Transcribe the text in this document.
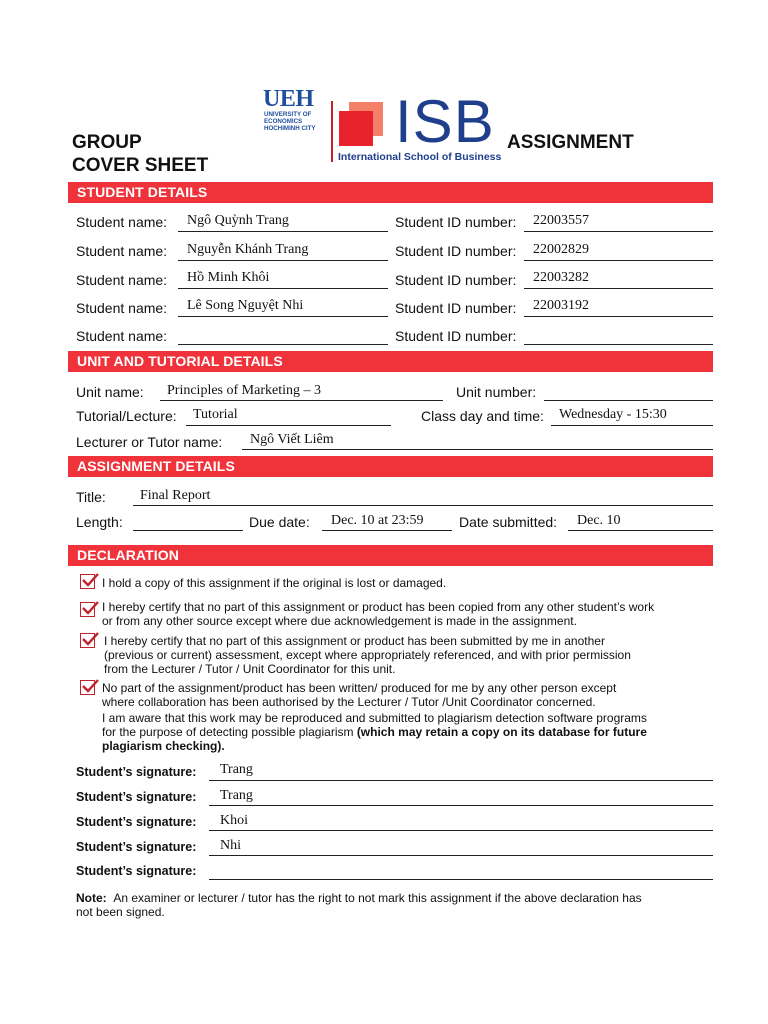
GROUP
COVER SHEET
ASSIGNMENT
UEH
UNIVERSITY OF
ECONOMICS
HOCHIMINH CITY ISB
International School of Business
STUDENT DETAILS
Student name: Ngô Quỳnh Trang	Student ID number: 22003557
Student name: Nguyễn Khánh Trang	Student ID number: 22002829
Student name: Hồ Minh Khôi	Student ID number: 22003282
Student name: Lê Song Nguyệt Nhi	Student ID number: 22003192
Student name:	Student ID number:
UNIT AND TUTORIAL DETAILS
Unit name: Principles of Marketing – 3	Unit number:
Tutorial/Lecture: Tutorial	Class day and time: Wednesday - 15:30
Lecturer or Tutor name: Ngô Viết Liêm
ASSIGNMENT DETAILS
Title: Final Report
Length:	Due date: Dec. 10 at 23:59	Date submitted: Dec. 10
DECLARATION
I hold a copy of this assignment if the original is lost or damaged.
I hereby certify that no part of this assignment or product has been copied from any other student’s work
or from any other source except where due acknowledgement is made in the assignment.
I hereby certify that no part of this assignment or product has been submitted by me in another
(previous or current) assessment, except where appropriately referenced, and with prior permission
from the Lecturer / Tutor / Unit Coordinator for this unit.
No part of the assignment/product has been written/ produced for me by any other person except
where collaboration has been authorised by the Lecturer / Tutor /Unit Coordinator concerned.
I am aware that this work may be reproduced and submitted to plagiarism detection software programs
for the purpose of detecting possible plagiarism (which may retain a copy on its database for future
plagiarism checking).
Student’s signature: Trang
Student’s signature: Trang
Student’s signature: Khoi
Student’s signature: Nhi
Student’s signature:
Note: An examiner or lecturer / tutor has the right to not mark this assignment if the above declaration has
not been signed.
